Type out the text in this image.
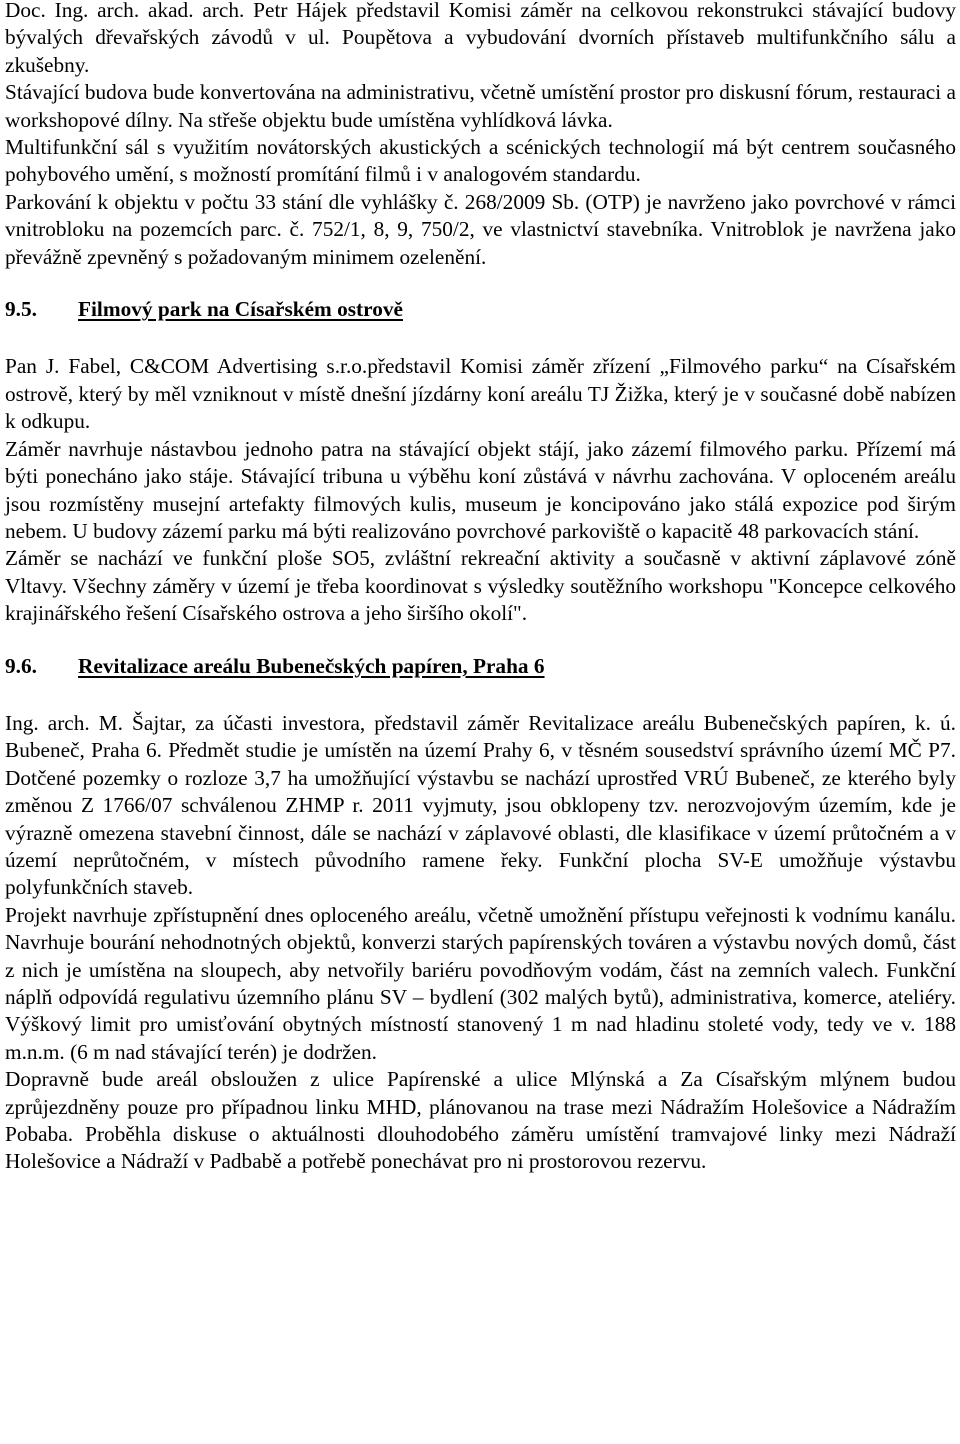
Doc. Ing. arch. akad. arch. Petr Hájek představil Komisi záměr na celkovou rekonstrukci stávající budovy bývalých dřevařských závodů v ul. Poupětova a vybudování dvorních přístaveb multifunkčního sálu a zkušebny.

Stávající budova bude konvertována na administrativu, včetně umístění prostor pro diskusní fórum, restauraci a workshopové dílny. Na střeše objektu bude umístěna vyhlídková lávka.

Multifunkční sál s využitím novátorských akustických a scénických technologií má být centrem současného pohybového umění, s možností promítání filmů i v analogovém standardu.

Parkování k objektu v počtu 33 stání dle vyhlášky č. 268/2009 Sb. (OTP) je navrženo jako povrchové v rámci vnitrobloku na pozemcích parc. č. 752/1, 8, 9, 750/2, ve vlastnictví stavebníka. Vnitroblok je navržena jako převážně zpevněný s požadovaným minimem ozelenění.

9.5.	Filmový park na Císařském ostrově

Pan J. Fabel, C&COM Advertising s.r.o.představil Komisi záměr zřízení „Filmového parku“ na Císařském ostrově, který by měl vzniknout v místě dnešní jízdárny koní areálu TJ Žižka, který je v současné době nabízen k odkupu.

Záměr navrhuje nástavbou jednoho patra na stávající objekt stájí, jako zázemí filmového parku. Přízemí má býti ponecháno jako stáje. Stávající tribuna u výběhu koní zůstává v návrhu zachována. V oploceném areálu jsou rozmístěny musejní artefakty filmových kulis, museum je koncipováno jako stálá expozice pod širým nebem. U budovy zázemí parku má býti realizováno povrchové parkoviště o kapacitě 48 parkovacích stání.

Záměr se nachází ve funkční ploše SO5, zvláštní rekreační aktivity a současně v aktivní záplavové zóně Vltavy. Všechny záměry v území je třeba koordinovat s výsledky soutěžního workshopu "Koncepce celkového krajinářského řešení Císařského ostrova a jeho širšího okolí".

9.6.	Revitalizace areálu Bubenečských papíren, Praha 6

Ing. arch. M. Šajtar, za účasti investora, představil záměr Revitalizace areálu Bubenečských papíren, k. ú. Bubeneč, Praha 6. Předmět studie je umístěn na území Prahy 6, v těsném sousedství správního území MČ P7. Dotčené pozemky o rozloze 3,7 ha umožňující výstavbu se nachází uprostřed VRÚ Bubeneč, ze kterého byly změnou Z 1766/07 schválenou ZHMP r. 2011 vyjmuty, jsou obklopeny tzv. nerozvojovým územím, kde je výrazně omezena stavební činnost, dále se nachází v záplavové oblasti, dle klasifikace v území průtočném a v území neprůtočném, v místech původního ramene řeky. Funkční plocha SV-E umožňuje výstavbu polyfunkčních staveb.

Projekt navrhuje zpřístupnění dnes oploceného areálu, včetně umožnění přístupu veřejnosti k vodnímu kanálu. Navrhuje bourání nehodnotných objektů, konverzi starých papírenských továren a výstavbu nových domů, část z nich je umístěna na sloupech, aby netvořily bariéru povodňovým vodám, část na zemních valech. Funkční náplň odpovídá regulativu územního plánu SV – bydlení (302 malých bytů), administrativa, komerce, ateliéry. Výškový limit pro umisťování obytných místností stanovený 1 m nad hladinu stoleté vody, tedy ve v. 188 m.n.m. (6 m nad stávající terén) je dodržen.

Dopravně bude areál obsloužen z ulice Papírenské a ulice Mlýnská a Za Císařským mlýnem budou zprůjezdněny pouze pro případnou linku MHD, plánovanou na trase mezi Nádražím Holešovice a Nádražím Pobaba. Proběhla diskuse o aktuálnosti dlouhodobého záměru umístění tramvajové linky mezi Nádraží Holešovice a Nádraží v Padbabě a potřebě ponechávat pro ni prostorovou rezervu.
